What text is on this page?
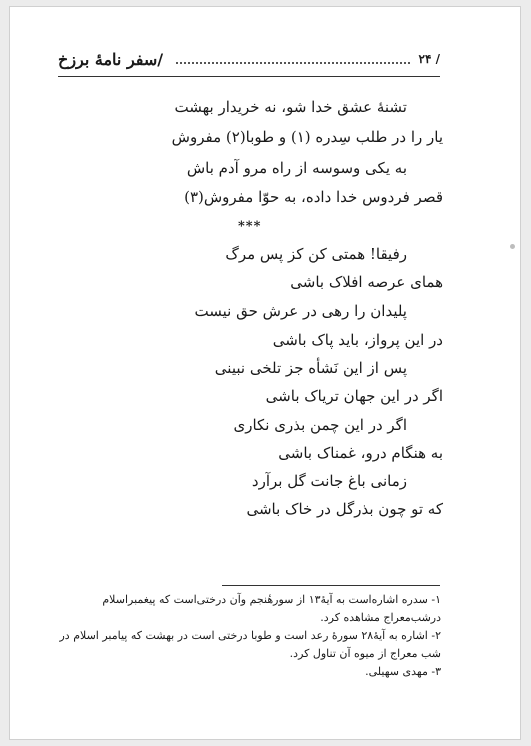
/ ۲۴
/سفر نامهٔ برزخ
تشنهٔ عشق خدا شو، نه خریدار بهشت
یار را در طلب سِدره (۱) و طوبا(۲) مفروش
به یکی وسوسه از راه مرو آدم باش
قصر فردوس خدا داده، به حوّا مفروش(۳)
***
رفیقا! همتی کن کز پس مرگ
همای عرصه افلاک باشی
پلیدان را رهی در عرش حق نیست
در این پرواز، باید پاک باشی
پس از این نَشأه جز تلخی نبینی
اگر در این جهان تریاک باشی
اگر در این چمن بذری نکاری
به هنگام درو، غمناک باشی
زمانی باغ جانت گل برآرد
که تو چون بذرگل در خاک باشی
۱- سدره اشاره‌است به آیهٔ۱۳ از سورهٔنجم وآن درختی‌است که پیغمبراسلام
درشب‌معراج مشاهده کرد.
۲- اشاره به آیهٔ۲۸ سورهٔ رعد است و طوبا درختی است در بهشت که پیامبر اسلام در
شب معراج از میوه آن تناول کرد.
۳- مهدی سهیلی.
